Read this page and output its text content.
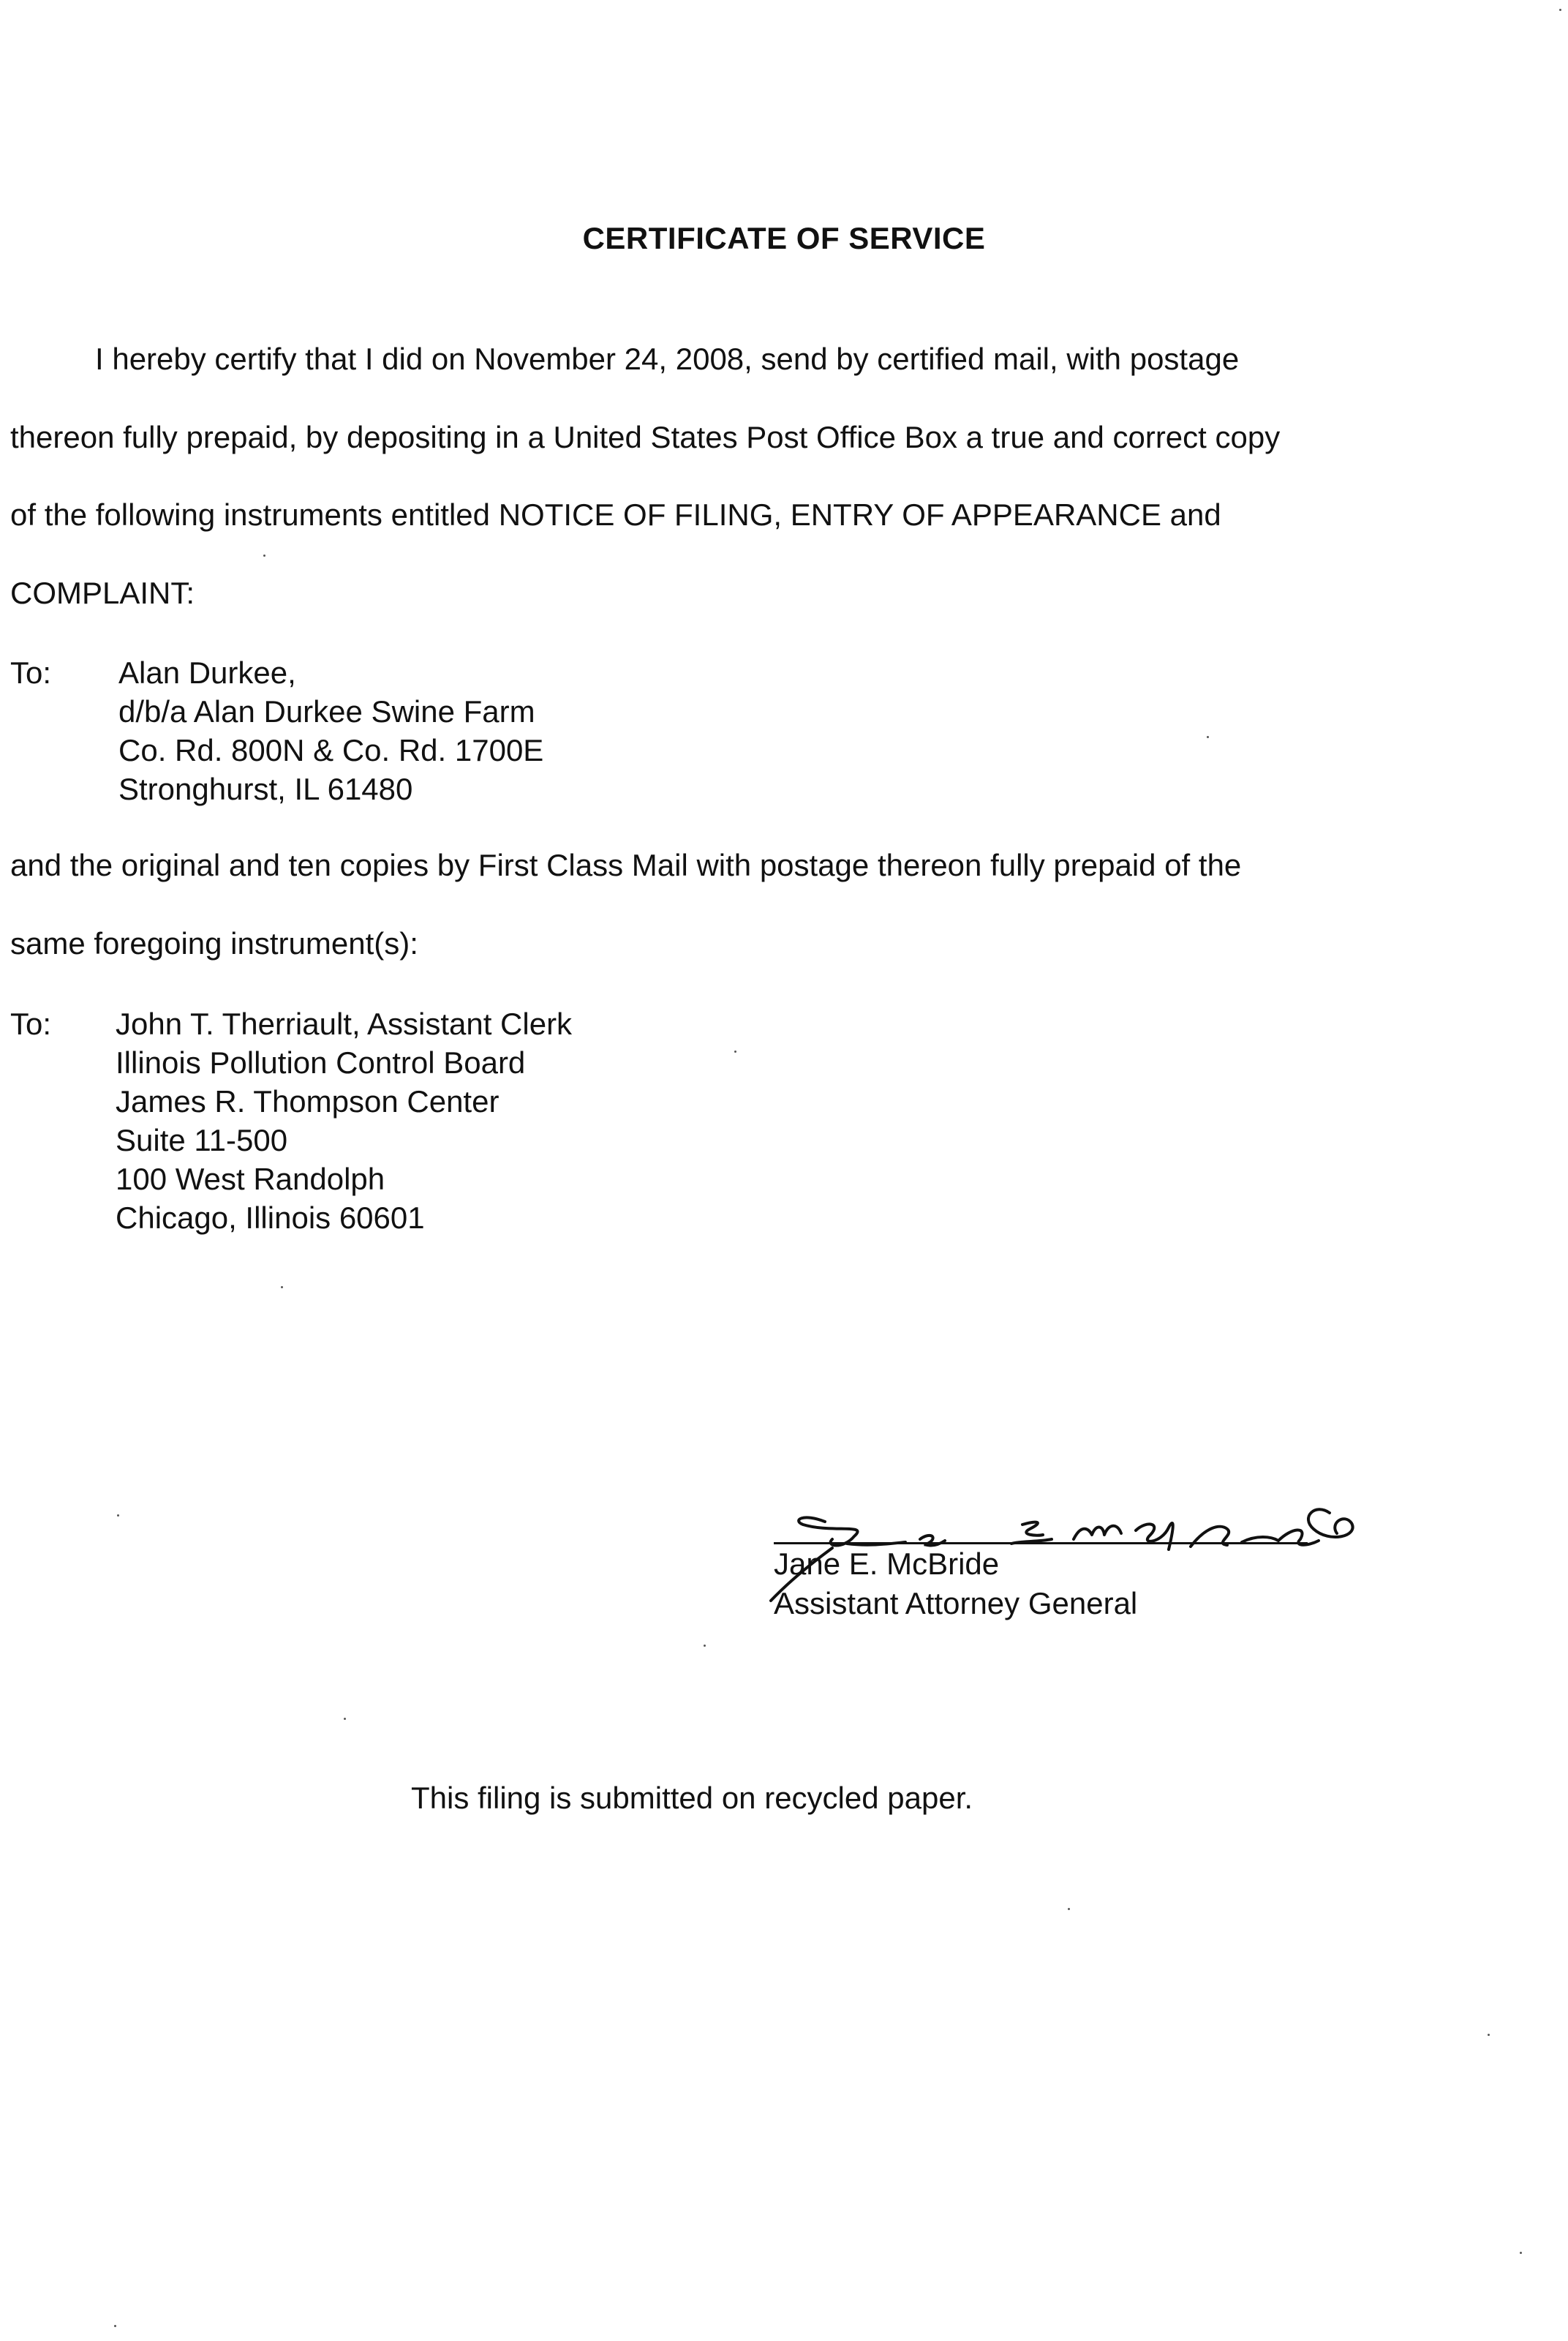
CERTIFICATE OF SERVICE
I hereby certify that I did on November 24, 2008, send by certified mail, with postage
thereon fully prepaid, by depositing in a United States Post Office Box a true and correct copy
of the following instruments entitled NOTICE OF FILING, ENTRY OF APPEARANCE and
COMPLAINT:
To: Alan Durkee,
d/b/a Alan Durkee Swine Farm
Co. Rd. 800N & Co. Rd. 1700E
Stronghurst, IL 61480
and the original and ten copies by First Class Mail with postage thereon fully prepaid of the
same foregoing instrument(s):
To: John T. Therriault, Assistant Clerk
Illinois Pollution Control Board
James R. Thompson Center
Suite 11-500
100 West Randolph
Chicago, Illinois 60601
Jane E. McBride
Assistant Attorney General
This filing is submitted on recycled paper.
